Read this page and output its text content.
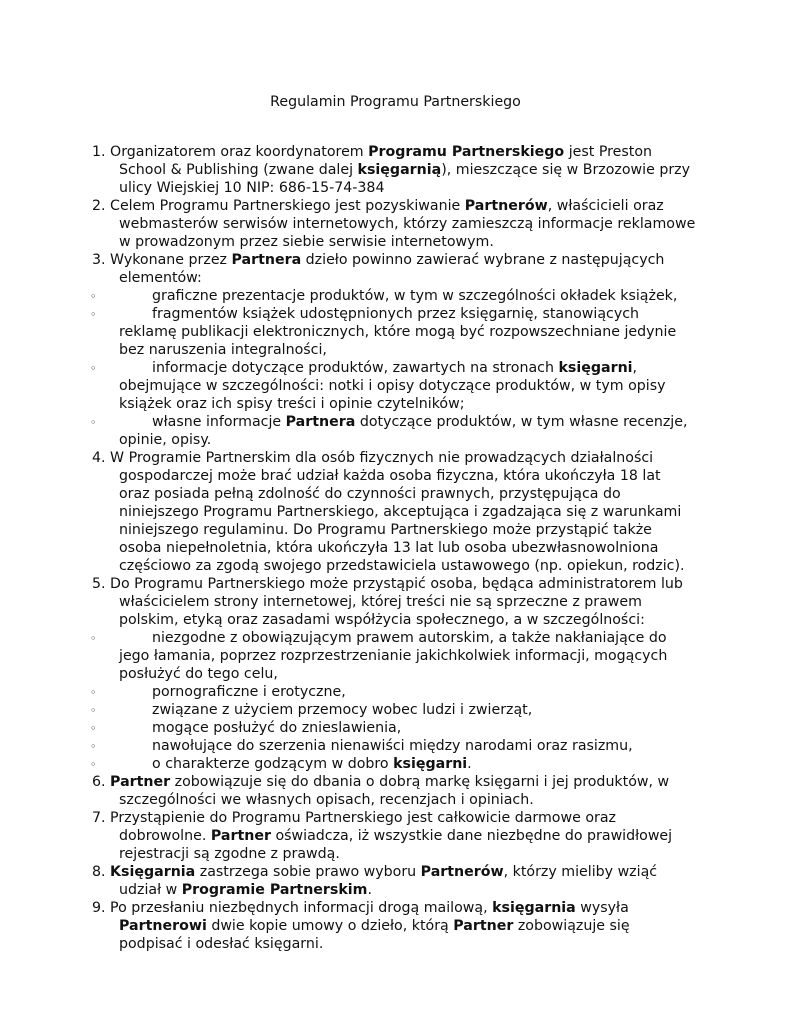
Regulamin Programu Partnerskiego
1. Organizatorem oraz koordynatorem Programu Partnerskiego jest Preston
School & Publishing (zwane dalej księgarnią), mieszczące się w Brzozowie przy
ulicy Wiejskiej 10 NIP: 686-15-74-384
2. Celem Programu Partnerskiego jest pozyskiwanie Partnerów, właścicieli oraz
webmasterów serwisów internetowych, którzy zamieszczą informacje reklamowe
w prowadzonym przez siebie serwisie internetowym.
3. Wykonane przez Partnera dzieło powinno zawierać wybrane z następujących
elementów:
◦	graficzne prezentacje produktów, w tym w szczególności okładek książek,
◦	fragmentów książek udostępnionych przez księgarnię, stanowiących
reklamę publikacji elektronicznych, które mogą być rozpowszechniane jedynie
bez naruszenia integralności,
◦	informacje dotyczące produktów, zawartych na stronach księgarni,
obejmujące w szczególności: notki i opisy dotyczące produktów, w tym opisy
książek oraz ich spisy treści i opinie czytelników;
◦	własne informacje Partnera dotyczące produktów, w tym własne recenzje,
opinie, opisy.
4. W Programie Partnerskim dla osób fizycznych nie prowadzących działalności
gospodarczej może brać udział każda osoba fizyczna, która ukończyła 18 lat
oraz posiada pełną zdolność do czynności prawnych, przystępująca do
niniejszego Programu Partnerskiego, akceptująca i zgadzająca się z warunkami
niniejszego regulaminu. Do Programu Partnerskiego może przystąpić także
osoba niepełnoletnia, która ukończyła 13 lat lub osoba ubezwłasnowolniona
częściowo za zgodą swojego przedstawiciela ustawowego (np. opiekun, rodzic).
5. Do Programu Partnerskiego może przystąpić osoba, będąca administratorem lub
właścicielem strony internetowej, której treści nie są sprzeczne z prawem
polskim, etyką oraz zasadami współżycia społecznego, a w szczególności:
◦	niezgodne z obowiązującym prawem autorskim, a także nakłaniające do
jego łamania, poprzez rozprzestrzenianie jakichkolwiek informacji, mogących
posłużyć do tego celu,
◦	pornograficzne i erotyczne,
◦	związane z użyciem przemocy wobec ludzi i zwierząt,
◦	mogące posłużyć do znieslawienia,
◦	nawołujące do szerzenia nienawiści między narodami oraz rasizmu,
◦	o charakterze godzącym w dobro księgarni.
6. Partner zobowiązuje się do dbania o dobrą markę księgarni i jej produktów, w
szczególności we własnych opisach, recenzjach i opiniach.
7. Przystąpienie do Programu Partnerskiego jest całkowicie darmowe oraz
dobrowolne. Partner oświadcza, iż wszystkie dane niezbędne do prawidłowej
rejestracji są zgodne z prawdą.
8. Księgarnia zastrzega sobie prawo wyboru Partnerów, którzy mieliby wziąć
udział w Programie Partnerskim.
9. Po przesłaniu niezbędnych informacji drogą mailową, księgarnia wysyła
Partnerowi dwie kopie umowy o dzieło, którą Partner zobowiązuje się
podpisać i odesłać księgarni.
